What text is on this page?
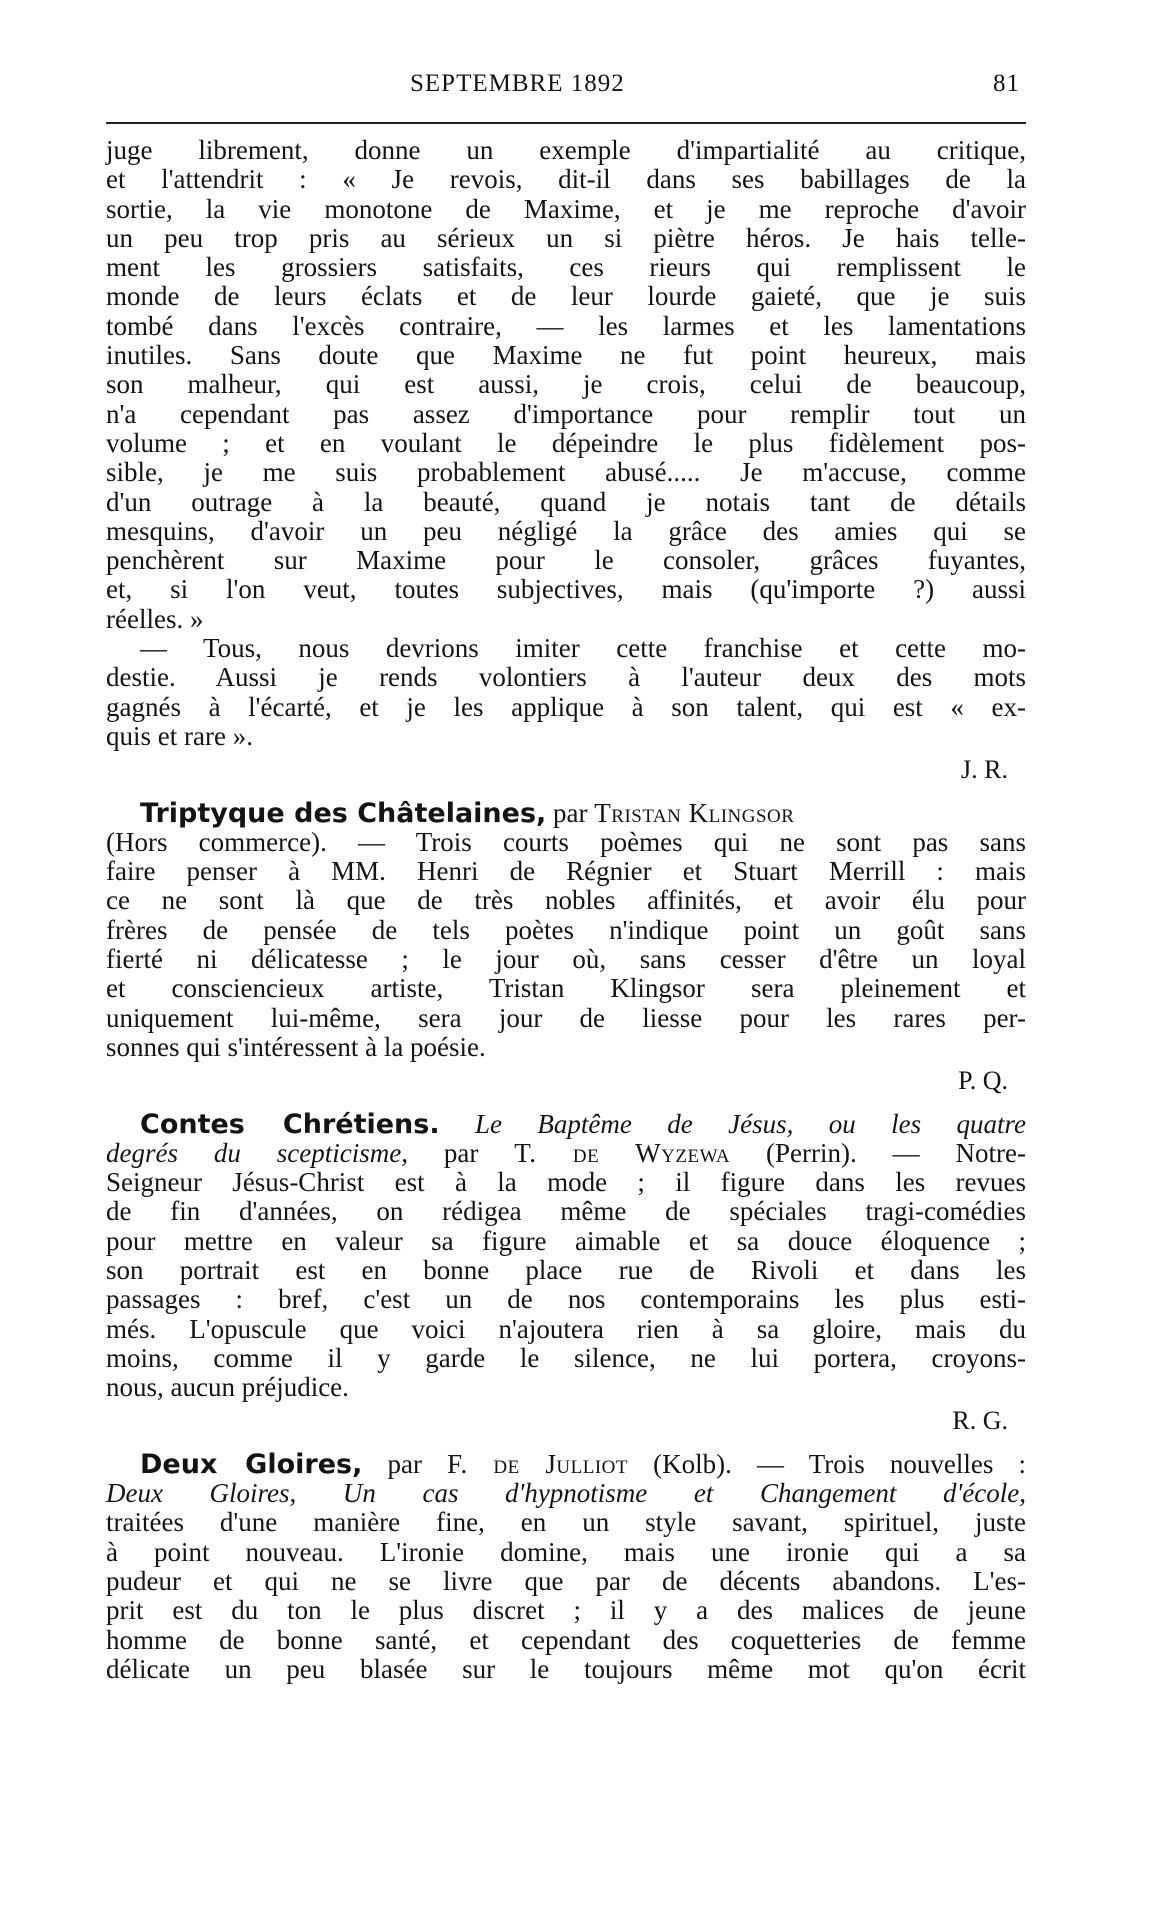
SEPTEMBRE 1892	81
juge librement, donne un exemple d'impartialité au critique,
et l'attendrit : « Je revois, dit-il dans ses babillages de la
sortie, la vie monotone de Maxime, et je me reproche d'avoir
un peu trop pris au sérieux un si piètre héros. Je hais telle-
ment les grossiers satisfaits, ces rieurs qui remplissent le
monde de leurs éclats et de leur lourde gaieté, que je suis
tombé dans l'excès contraire, — les larmes et les lamentations
inutiles. Sans doute que Maxime ne fut point heureux, mais
son malheur, qui est aussi, je crois, celui de beaucoup,
n'a cependant pas assez d'importance pour remplir tout un
volume ; et en voulant le dépeindre le plus fidèlement pos-
sible, je me suis probablement abusé..... Je m'accuse, comme
d'un outrage à la beauté, quand je notais tant de détails
mesquins, d'avoir un peu négligé la grâce des amies qui se
penchèrent sur Maxime pour le consoler, grâces fuyantes,
et, si l'on veut, toutes subjectives, mais (qu'importe ?) aussi
réelles. »
— Tous, nous devrions imiter cette franchise et cette mo-
destie. Aussi je rends volontiers à l'auteur deux des mots
gagnés à l'écarté, et je les applique à son talent, qui est « ex-
quis et rare ».
J. R.
Triptyque des Châtelaines, par Tristan Klingsor
(Hors commerce). — Trois courts poèmes qui ne sont pas sans
faire penser à MM. Henri de Régnier et Stuart Merrill : mais
ce ne sont là que de très nobles affinités, et avoir élu pour
frères de pensée de tels poètes n'indique point un goût sans
fierté ni délicatesse ; le jour où, sans cesser d'être un loyal
et consciencieux artiste, Tristan Klingsor sera pleinement et
uniquement lui-même, sera jour de liesse pour les rares per-
sonnes qui s'intéressent à la poésie.
P. Q.
Contes Chrétiens. Le Baptême de Jésus, ou les quatre
degrés du scepticisme, par T. de Wyzewa (Perrin). — Notre-
Seigneur Jésus-Christ est à la mode ; il figure dans les revues
de fin d'années, on rédigea même de spéciales tragi-comédies
pour mettre en valeur sa figure aimable et sa douce éloquence ;
son portrait est en bonne place rue de Rivoli et dans les
passages : bref, c'est un de nos contemporains les plus esti-
més. L'opuscule que voici n'ajoutera rien à sa gloire, mais du
moins, comme il y garde le silence, ne lui portera, croyons-
nous, aucun préjudice.
R. G.
Deux Gloires, par F. de Julliot (Kolb). — Trois nouvelles :
Deux Gloires, Un cas d'hypnotisme et Changement d'école,
traitées d'une manière fine, en un style savant, spirituel, juste
à point nouveau. L'ironie domine, mais une ironie qui a sa
pudeur et qui ne se livre que par de décents abandons. L'es-
prit est du ton le plus discret ; il y a des malices de jeune
homme de bonne santé, et cependant des coquetteries de femme
délicate un peu blasée sur le toujours même mot qu'on écrit
